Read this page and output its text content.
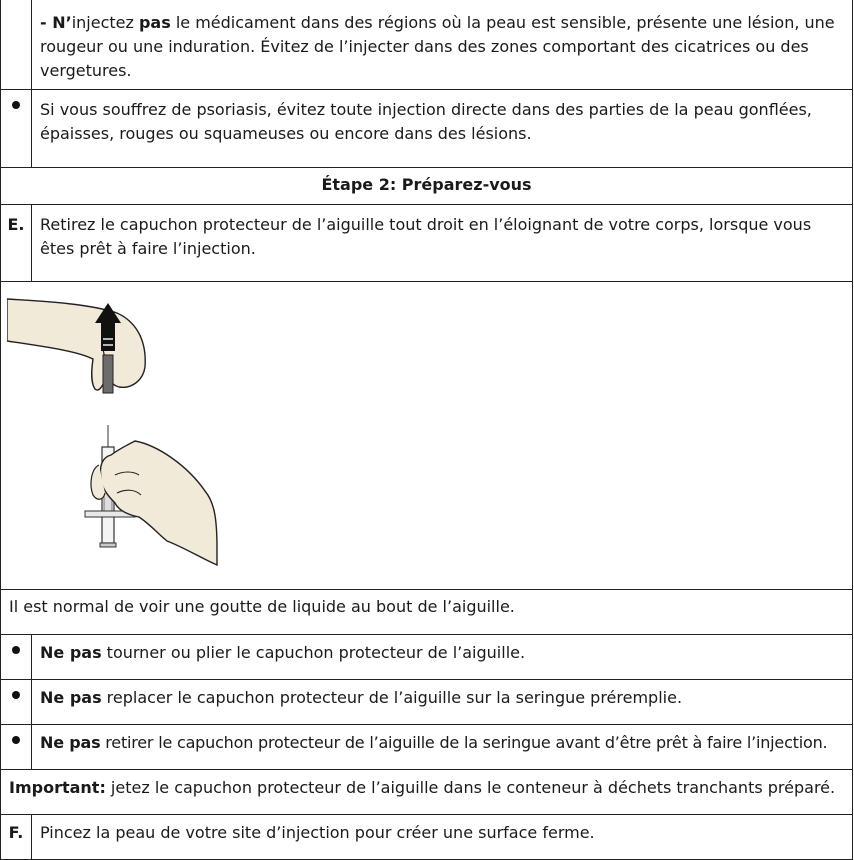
	- N’injectez pas le médicament dans des régions où la peau est sensible, présente une lésion, une rougeur ou une induration. Évitez de l’injecter dans des zones comportant des cicatrices ou des vergetures.
	Si vous souffrez de psoriasis, évitez toute injection directe dans des parties de la peau gonflées, épaisses, rouges ou squameuses ou encore dans des lésions.
Étape 2: Préparez-vous	
E.	Retirez le capuchon protecteur de l’aiguille tout droit en l’éloignant de votre corps, lorsque vous êtes prêt à faire l’injection.

Il est normal de voir une goutte de liquide au bout de l’aiguille.	
	Ne pas tourner ou plier le capuchon protecteur de l’aiguille.
	Ne pas replacer le capuchon protecteur de l’aiguille sur la seringue préremplie.
	Ne pas retirer le capuchon protecteur de l’aiguille de la seringue avant d’être prêt à faire l’injection.
Important: jetez le capuchon protecteur de l’aiguille dans le conteneur à déchets tranchants préparé.	
F.	Pincez la peau de votre site d’injection pour créer une surface ferme.
